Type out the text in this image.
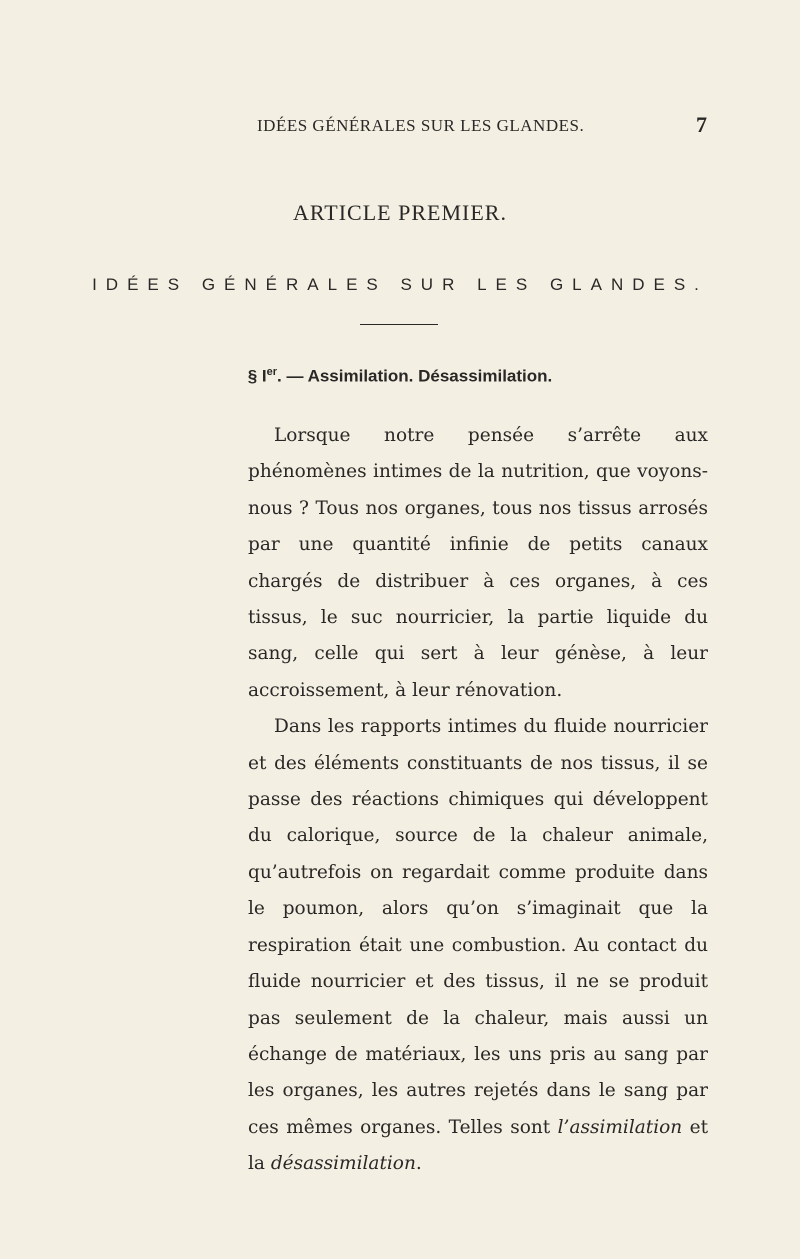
IDÉES GÉNÉRALES SUR LES GLANDES.	7
ARTICLE PREMIER.
IDÉES GÉNÉRALES SUR LES GLANDES.
§ Ier. — Assimilation. Désassimilation.

Lorsque notre pensée s’arrête aux phénomènes intimes de la nutrition, que voyons-nous ? Tous nos organes, tous nos tissus arrosés par une quantité infinie de petits canaux chargés de distribuer à ces organes, à ces tissus, le suc nourricier, la partie liquide du sang, celle qui sert à leur génèse, à leur accroissement, à leur rénovation.

Dans les rapports intimes du fluide nourricier et des éléments constituants de nos tissus, il se passe des réactions chimiques qui développent du calorique, source de la chaleur animale, qu’autrefois on regardait comme produite dans le poumon, alors qu’on s’imaginait que la respiration était une combustion. Au contact du fluide nourricier et des tissus, il ne se produit pas seulement de la chaleur, mais aussi un échange de matériaux, les uns pris au sang par les organes, les autres rejetés dans le sang par ces mêmes organes. Telles sont l’assimilation et la désassimilation.
